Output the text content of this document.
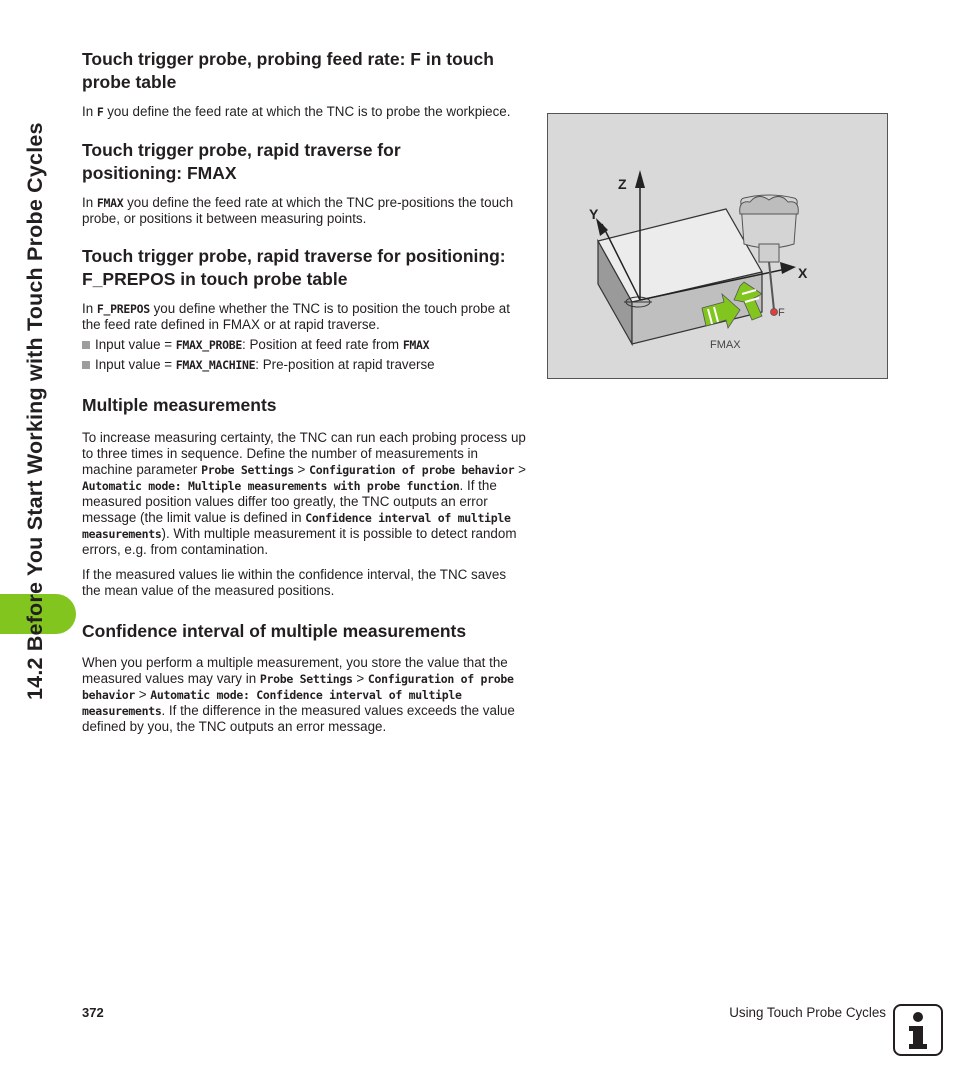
14.2 Before You Start Working with Touch Probe Cycles
Touch trigger probe, probing feed rate: F in touch probe table

In F you define the feed rate at which the TNC is to probe the workpiece.

Touch trigger probe, rapid traverse for positioning: FMAX

In FMAX you define the feed rate at which the TNC pre-positions the touch probe, or positions it between measuring points.

Touch trigger probe, rapid traverse for positioning: F_PREPOS in touch probe table

In F_PREPOS you define whether the TNC is to position the touch probe at the feed rate defined in FMAX or at rapid traverse.

Input value = FMAX_PROBE: Position at feed rate from FMAX

Input value = FMAX_MACHINE: Pre-position at rapid traverse

Multiple measurements

To increase measuring certainty, the TNC can run each probing process up to three times in sequence. Define the number of measurements in machine parameter Probe Settings > Configuration of probe behavior > Automatic mode: Multiple measurements with probe function. If the measured position values differ too greatly, the TNC outputs an error message (the limit value is defined in Confidence interval of multiple measurements). With multiple measurement it is possible to detect random errors, e.g. from contamination.

If the measured values lie within the confidence interval, the TNC saves the mean value of the measured positions.

Confidence interval of multiple measurements

When you perform a multiple measurement, you store the value that the measured values may vary in Probe Settings > Configuration of probe behavior > Automatic mode: Confidence interval of multiple measurements. If the difference in the measured values exceeds the value defined by you, the TNC outputs an error message.

Z
Y
X
F
FMAX
372	Using Touch Probe Cycles
